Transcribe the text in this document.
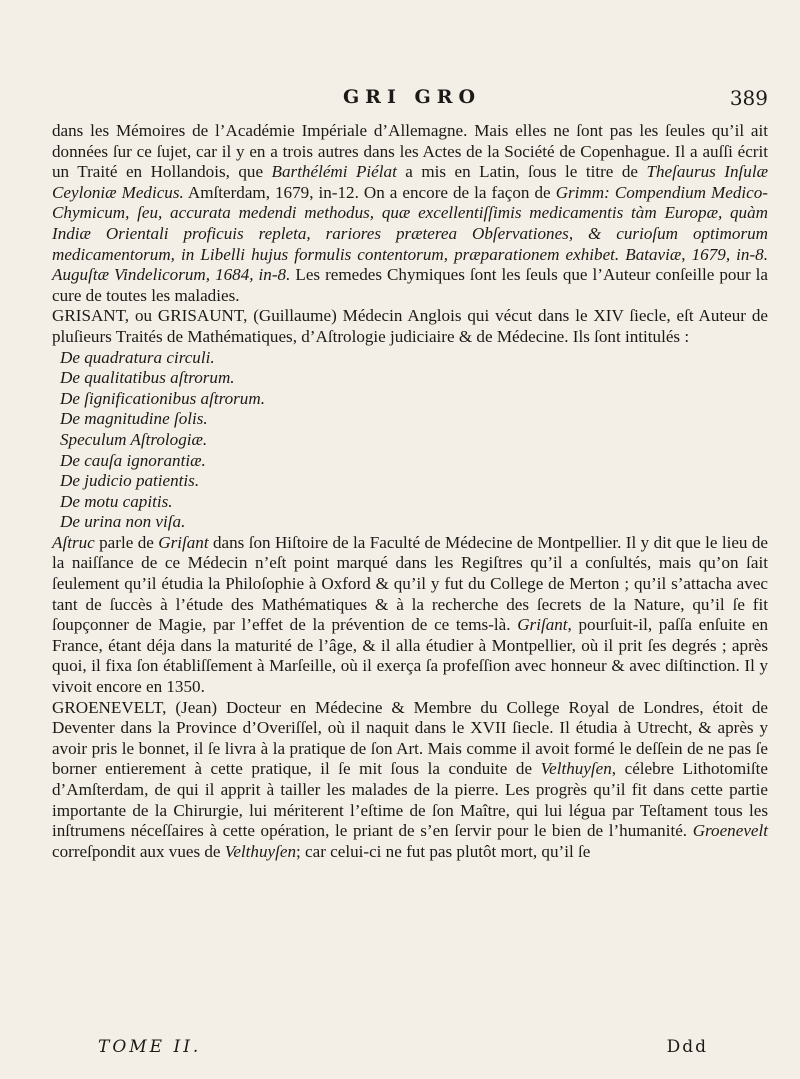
GRI GRO	389

dans les Mémoires de l’Académie Impériale d’Allemagne. Mais elles ne ſont pas les ſeules qu’il ait données ſur ce ſujet, car il y en a trois autres dans les Actes de la Société de Copenhague. Il a auſſi écrit un Traité en Hollandois, que Barthélémi Piélat a mis en Latin, ſous le titre de Theſaurus Inſulæ Ceyloniæ Medicus. Amſterdam, 1679, in-12. On a encore de la façon de Grimm: Compendium Medico-Chymicum, ſeu, accurata medendi methodus, quæ excellentiſſimis medicamentis tàm Europæ, quàm Indiæ Orientali proficuis repleta, rariores præterea Obſervationes, & curioſum optimorum medicamentorum, in Libelli hujus formulis contentorum, præparationem exhibet. Bataviæ, 1679, in-8. Auguſtæ Vindelicorum, 1684, in-8. Les remedes Chymiques ſont les ſeuls que l’Auteur conſeille pour la cure de toutes les maladies.

GRISANT, ou GRISAUNT, (Guillaume) Médecin Anglois qui vécut dans le XIV ſiecle, eſt Auteur de pluſieurs Traités de Mathématiques, d’Aſtrologie judiciaire & de Médecine. Ils ſont intitulés :

De quadratura circuli.
De qualitatibus aſtrorum.
De ſignificationibus aſtrorum.
De magnitudine ſolis.
Speculum Aſtrologiæ.
De cauſa ignorantiæ.
De judicio patientis.
De motu capitis.
De urina non viſa.

Aſtruc parle de Griſant dans ſon Hiſtoire de la Faculté de Médecine de Montpellier. Il y dit que le lieu de la naiſſance de ce Médecin n’eſt point marqué dans les Regiſtres qu’il a conſultés, mais qu’on ſait ſeulement qu’il étudia la Philoſophie à Oxford & qu’il y fut du College de Merton ; qu’il s’attacha avec tant de ſuccès à l’étude des Mathématiques & à la recherche des ſecrets de la Nature, qu’il ſe fit ſoupçonner de Magie, par l’effet de la prévention de ce tems-là. Griſant, pourſuit-il, paſſa enſuite en France, étant déja dans la maturité de l’âge, & il alla étudier à Montpellier, où il prit ſes degrés ; après quoi, il fixa ſon établiſſement à Marſeille, où il exerça ſa profeſſion avec honneur & avec diſtinction. Il y vivoit encore en 1350.

GROENEVELT, (Jean) Docteur en Médecine & Membre du College Royal de Londres, étoit de Deventer dans la Province d’Overiſſel, où il naquit dans le XVII ſiecle. Il étudia à Utrecht, & après y avoir pris le bonnet, il ſe livra à la pratique de ſon Art. Mais comme il avoit formé le deſſein de ne pas ſe borner entierement à cette pratique, il ſe mit ſous la conduite de Velthuyſen, célebre Lithotomiſte d’Amſterdam, de qui il apprit à tailler les malades de la pierre. Les progrès qu’il fit dans cette partie importante de la Chirurgie, lui mériterent l’eſtime de ſon Maître, qui lui légua par Teſtament tous les inſtrumens néceſſaires à cette opération, le priant de s’en ſervir pour le bien de l’humanité. Groenevelt correſpondit aux vues de Velthuyſen; car celui-ci ne fut pas plutôt mort, qu’il ſe

TOME II.	Ddd
